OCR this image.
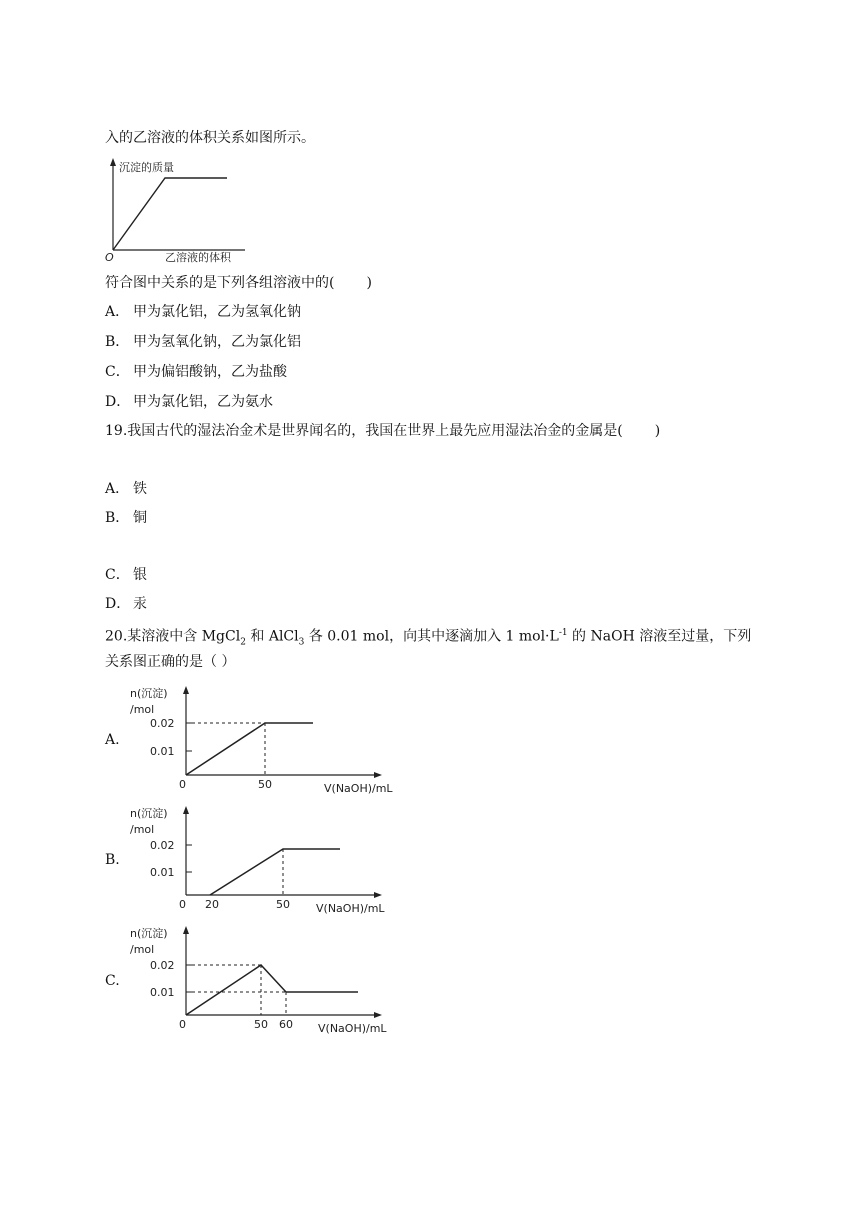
入的乙溶液的体积关系如图所示。
沉淀的质量
O	乙溶液的体积
符合图中关系的是下列各组溶液中的( )
A． 甲为氯化铝，乙为氢氧化钠
B． 甲为氢氧化钠，乙为氯化铝
C． 甲为偏铝酸钠，乙为盐酸
D． 甲为氯化铝，乙为氨水
19.我国古代的湿法冶金术是世界闻名的，我国在世界上最先应用湿法冶金的金属是( )
A． 铁
B． 铜
C． 银
D． 汞
20.某溶液中含 MgCl$_2$ 和 AlCl$_3$ 各 0.01 mol，向其中逐滴加入 1 $mol\cdot L^{-1}$ 的 NaOH 溶液至过量，下列
关系图正确的是（ ）
A.
n(沉淀)
/mol
0.02
0.01
0	50	V(NaOH)/mL
B.
n(沉淀)
/mol
0.02
0.01
0 20	50 V(NaOH)/mL
C.
n(沉淀)
/mol
0.02
0.01
0	50 60 V(NaOH)/mL
